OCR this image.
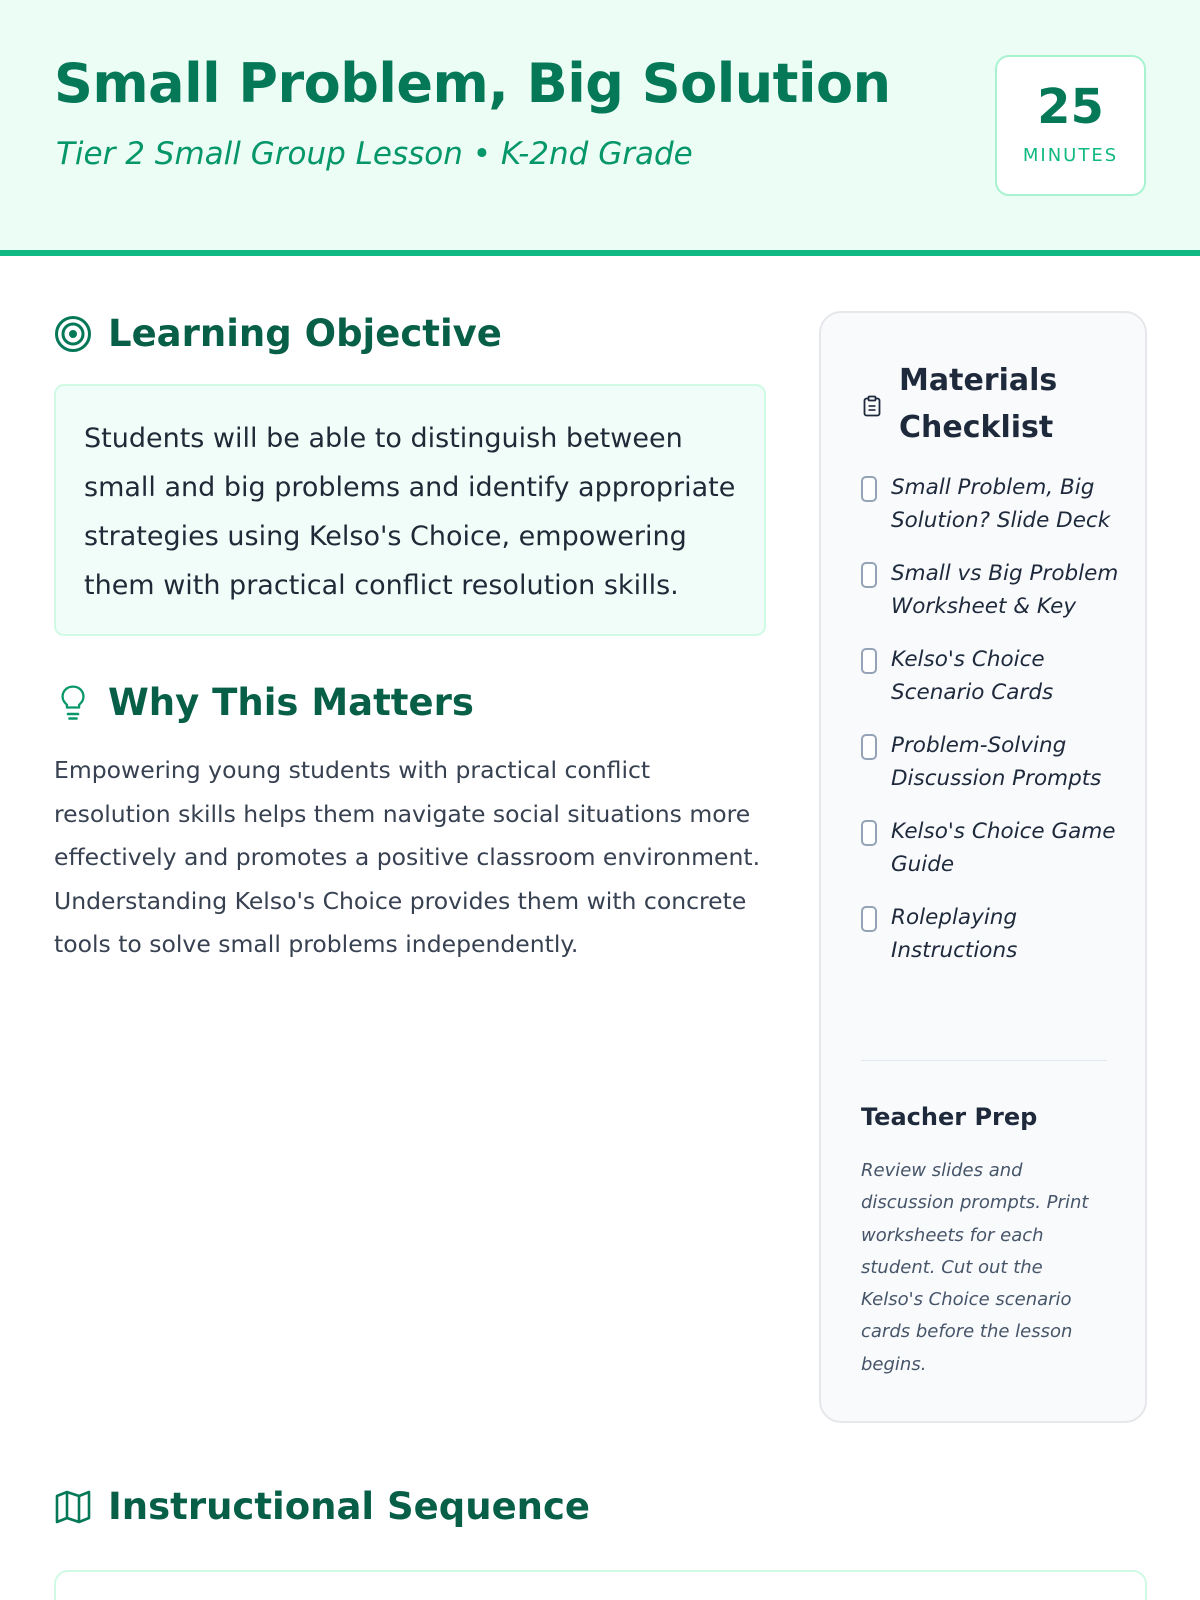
Small Problem, Big Solution
Tier 2 Small Group Lesson • K-2nd Grade
25
MINUTES
Learning Objective

Students will be able to distinguish between small and big problems and identify appropriate strategies using Kelso's Choice, empowering them with practical conflict resolution skills.

Why This Matters

Empowering young students with practical conflict resolution skills helps them navigate social situations more effectively and promotes a positive classroom environment. Understanding Kelso's Choice provides them with concrete tools to solve small problems independently.

Materials Checklist
Small Problem, Big Solution? Slide Deck
Small vs Big Problem Worksheet & Key
Kelso's Choice Scenario Cards
Problem-Solving Discussion Prompts
Kelso's Choice Game Guide
Roleplaying Instructions
Teacher Prep

Review slides and discussion prompts. Print worksheets for each student. Cut out the Kelso's Choice scenario cards before the lesson begins.

Instructional Sequence
